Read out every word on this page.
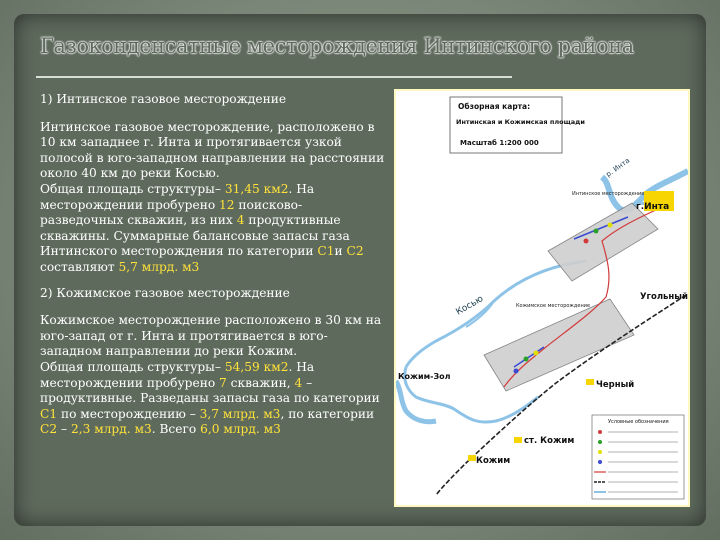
Газоконденсатные месторождения Интинского района

1) Интинское газовое месторождение

Интинское газовое месторождение, расположено в 10 км западнее г. Инта и протягивается узкой полосой в юго-западном направлении на расстоянии около 40 км до реки Косью.
Общая площадь структуры– 31,45 км2. На месторождении пробурено 12 поисково-разведочных скважин, из них 4 продуктивные скважины. Суммарные балансовые запасы газа Интинского месторождения по категории C1и C2 составляют 5,7 млрд. м3

2) Кожимское газовое месторождение

Кожимское месторождение расположено в 30 км на юго-запад от г. Инта и протягивается в юго-западном направлении до реки Кожим.
Общая площадь структуры– 54,59 км2. На месторождении пробурено 7 скважин, 4 – продуктивные. Разведаны запасы газа по категории C1 по месторождению – 3,7 млрд. м3, по категории C2 – 2,3 млрд. м3. Всего 6,0 млрд. м3

Обзорная карта:
Интинская и Кожимская площади
Масштаб 1:200 000
г.Инта
р. Инта
Интинское месторождение
Кожимское месторождение
Косью	Угольный
Кожим-Зол
Черный
ст. Кожим
Кожим
Условные обозначения
